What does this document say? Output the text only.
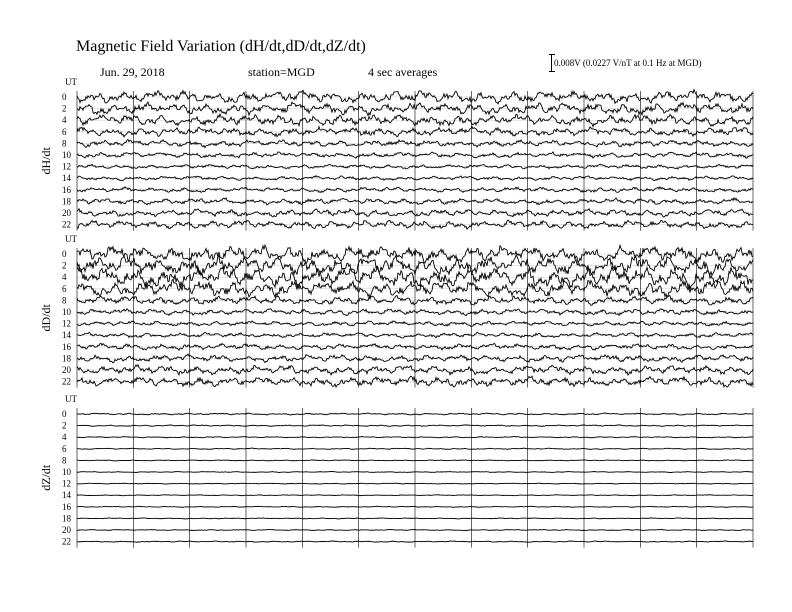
Magnetic Field Variation (dH/dt,dD/dt,dZ/dt)
Jun. 29, 2018	station=MGD	4 sec averages
0.008V (0.0227 V/nT at 0.1 Hz at MGD)
UT
dH/dt
0
2
4
6
8
10
12
14
16
18
20
22
UT
dD/dt
0
2
4
6
8
10
12
14
16
18
20
22
UT
dZ/dt
0
2
4
6
8
10
12
14
16
18
20
22
